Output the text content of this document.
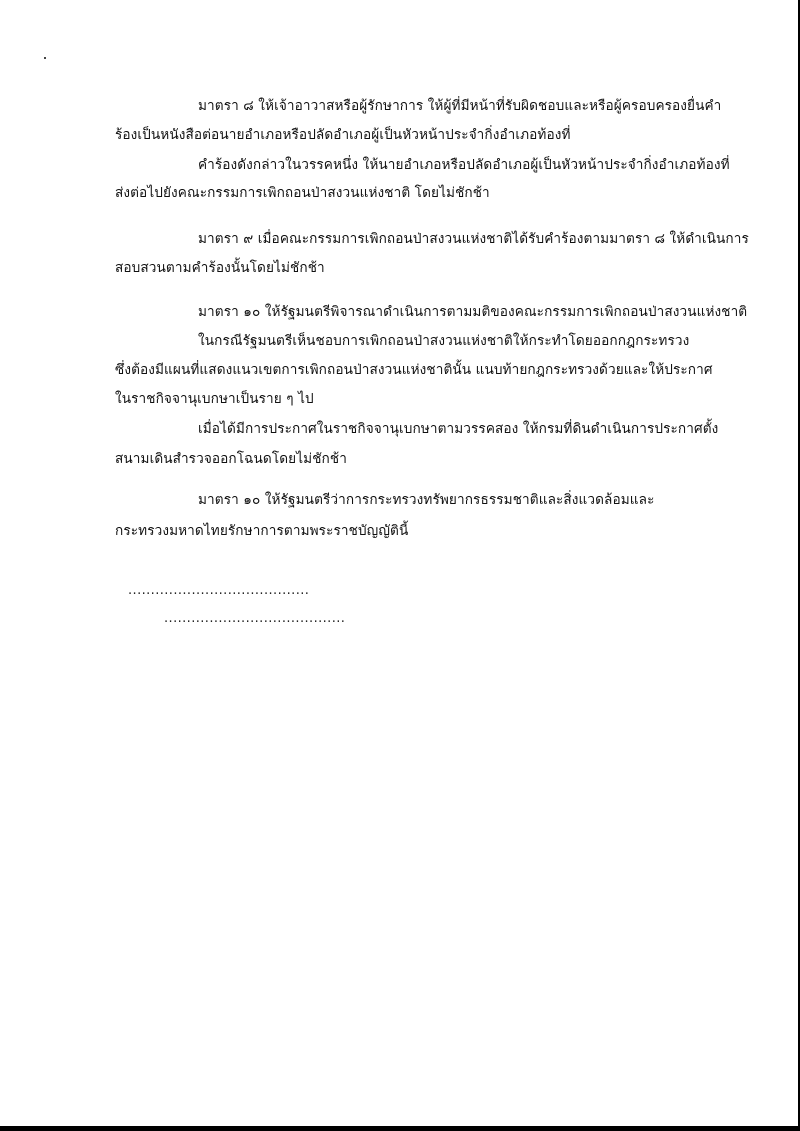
มาตรา ๘ ให้เจ้าอาวาสหรือผู้รักษาการ ให้ผู้ที่มีหน้าที่รับผิดชอบและหรือผู้ครอบครองยื่นคำ
ร้องเป็นหนังสือต่อนายอำเภอหรือปลัดอำเภอผู้เป็นหัวหน้าประจำกิ่งอำเภอท้องที่
คำร้องดังกล่าวในวรรคหนึ่ง ให้นายอำเภอหรือปลัดอำเภอผู้เป็นหัวหน้าประจำกิ่งอำเภอท้องที่
ส่งต่อไปยังคณะกรรมการเพิกถอนป่าสงวนแห่งชาติ โดยไม่ชักช้า
มาตรา ๙ เมื่อคณะกรรมการเพิกถอนป่าสงวนแห่งชาติได้รับคำร้องตามมาตรา ๘ ให้ดำเนินการ
สอบสวนตามคำร้องนั้นโดยไม่ชักช้า
มาตรา ๑๐ ให้รัฐมนตรีพิจารณาดำเนินการตามมติของคณะกรรมการเพิกถอนป่าสงวนแห่งชาติ
ในกรณีรัฐมนตรีเห็นชอบการเพิกถอนป่าสงวนแห่งชาติให้กระทำโดยออกกฎกระทรวง
ซึ่งต้องมีแผนที่แสดงแนวเขตการเพิกถอนป่าสงวนแห่งชาตินั้น แนบท้ายกฎกระทรวงด้วยและให้ประกาศ
ในราชกิจจานุเบกษาเป็นราย ๆ ไป
เมื่อได้มีการประกาศในราชกิจจานุเบกษาตามวรรคสอง ให้กรมที่ดินดำเนินการประกาศตั้ง
สนามเดินสำรวจออกโฉนดโดยไม่ชักช้า
มาตรา ๑๐ ให้รัฐมนตรีว่าการกระทรวงทรัพยากรธรรมชาติและสิ่งแวดล้อมและ
กระทรวงมหาดไทยรักษาการตามพระราชบัญญัตินี้
........................................
........................................
